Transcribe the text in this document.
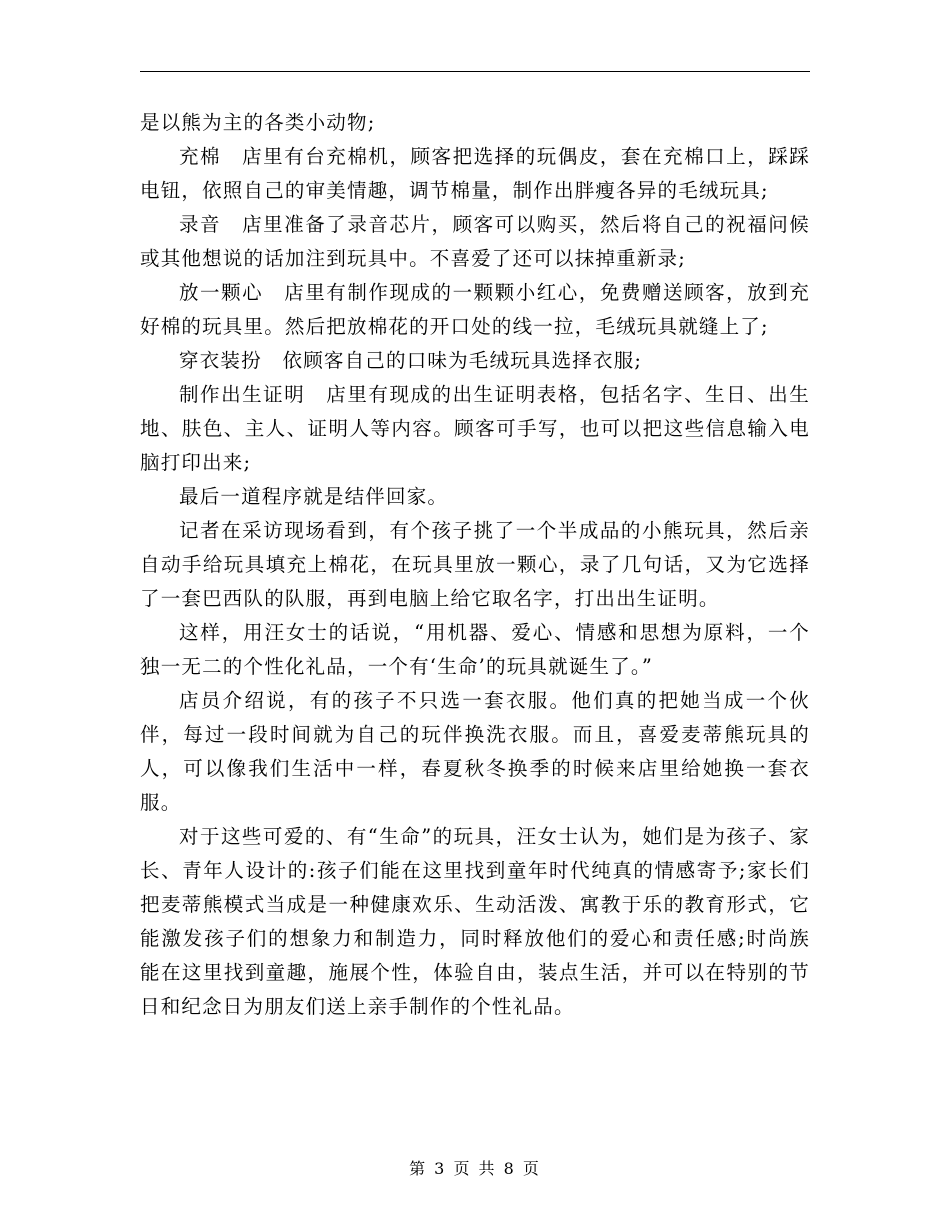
是以熊为主的各类小动物;

充棉　店里有台充棉机，顾客把选择的玩偶皮，套在充棉口上，踩踩电钮，依照自己的审美情趣，调节棉量，制作出胖瘦各异的毛绒玩具;

录音　店里准备了录音芯片，顾客可以购买，然后将自己的祝福问候或其他想说的话加注到玩具中。不喜爱了还可以抹掉重新录;

放一颗心　店里有制作现成的一颗颗小红心，免费赠送顾客，放到充好棉的玩具里。然后把放棉花的开口处的线一拉，毛绒玩具就缝上了;

穿衣装扮　依顾客自己的口味为毛绒玩具选择衣服;

制作出生证明　店里有现成的出生证明表格，包括名字、生日、出生地、肤色、主人、证明人等内容。顾客可手写，也可以把这些信息输入电脑打印出来;

最后一道程序就是结伴回家。

记者在采访现场看到，有个孩子挑了一个半成品的小熊玩具，然后亲自动手给玩具填充上棉花，在玩具里放一颗心，录了几句话，又为它选择了一套巴西队的队服，再到电脑上给它取名字，打出出生证明。

这样，用汪女士的话说，“用机器、爱心、情感和思想为原料，一个独一无二的个性化礼品，一个有‘生命’的玩具就诞生了。”

店员介绍说，有的孩子不只选一套衣服。他们真的把她当成一个伙伴，每过一段时间就为自己的玩伴换洗衣服。而且，喜爱麦蒂熊玩具的人，可以像我们生活中一样，春夏秋冬换季的时候来店里给她换一套衣服。

对于这些可爱的、有“生命”的玩具，汪女士认为，她们是为孩子、家长、青年人设计的:孩子们能在这里找到童年时代纯真的情感寄予;家长们把麦蒂熊模式当成是一种健康欢乐、生动活泼、寓教于乐的教育形式，它能激发孩子们的想象力和制造力，同时释放他们的爱心和责任感;时尚族能在这里找到童趣，施展个性，体验自由，装点生活，并可以在特别的节日和纪念日为朋友们送上亲手制作的个性礼品。

第 3 页 共 8 页
